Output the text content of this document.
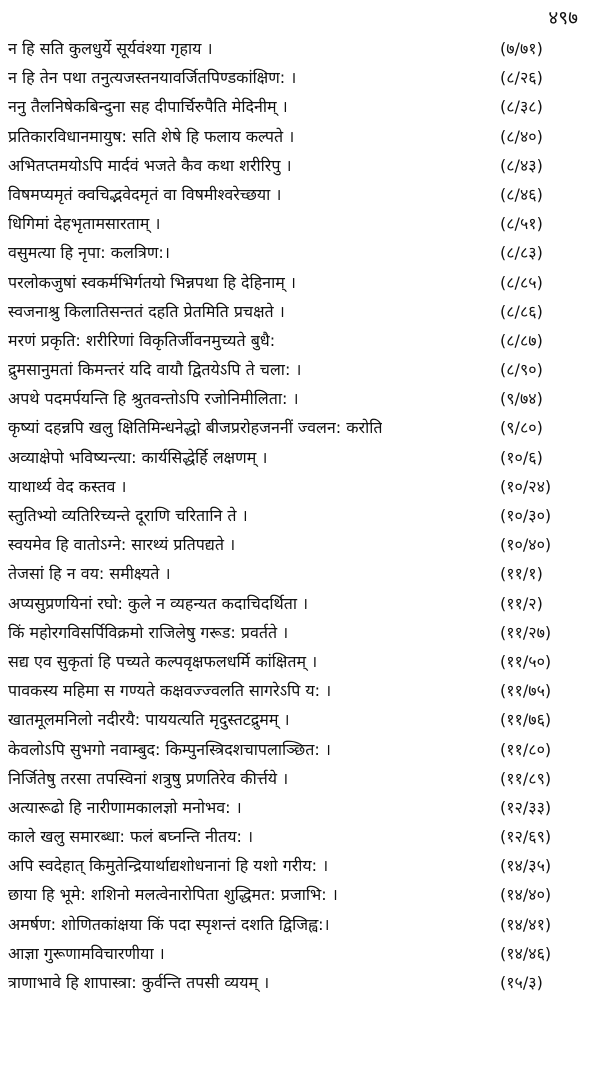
४९७
न हि सति कुलधुर्ये सूर्यवंश्या गृहाय ।	(७/७१)
न हि तेन पथा तनुत्यजस्तनयावर्जितपिण्डकांक्षिण: ।	(८/२६)
ननु तैलनिषेकबिन्दुना सह दीपार्चिरुपैति मेदिनीम् ।	(८/३८)
प्रतिकारविधानमायुष: सति शेषे हि फलाय कल्पते ।	(८/४०)
अभितप्तमयोऽपि मार्दवं भजते कैव कथा शरीरिपु ।	(८/४३)
विषमप्यमृतं क्वचिद्भवेदमृतं वा विषमीश्वरेच्छया ।	(८/४६)
धिगिमां देहभृतामसारताम् ।	(८/५१)
वसुमत्या हि नृपा: कलत्रिण:।	(८/८३)
परलोकजुषां स्वकर्मभिर्गतयो भिन्नपथा हि देहिनाम् ।	(८/८५)
स्वजनाश्रु किलातिसन्ततं दहति प्रेतमिति प्रचक्षते ।	(८/८६)
मरणं प्रकृति: शरीरिणां विकृतिर्जीवनमुच्यते बुधै:	(८/८७)
द्रुमसानुमतां किमन्तरं यदि वायौ द्वितयेऽपि ते चला: ।	(८/९०)
अपथे पदमर्पयन्ति हि श्रुतवन्तोऽपि रजोनिमीलिता: ।	(९/७४)
कृष्यां दहन्नपि खलु क्षितिमिन्धनेद्धो बीजप्ररोहजननीं ज्वलन: करोति	(९/८०)
अव्याक्षेपो भविष्यन्त्या: कार्यसिद्धेर्हि लक्षणम् ।	(१०/६)
याथार्थ्य वेद कस्तव ।	(१०/२४)
स्तुतिभ्यो व्यतिरिच्यन्ते दूराणि चरितानि ते ।	(१०/३०)
स्वयमेव हि वातोऽग्ने: सारथ्यं प्रतिपद्यते ।	(१०/४०)
तेजसां हि न वय: समीक्ष्यते ।	(११/१)
अप्यसुप्रणयिनां रघो: कुले न व्यहन्यत कदाचिदर्थिता ।	(११/२)
किं महोरगविसर्पिविक्रमो राजिलेषु गरूड: प्रवर्तते ।	(११/२७)
सद्य एव सुकृतां हि पच्यते कल्पवृक्षफलधर्मि कांक्षितम् ।	(११/५०)
पावकस्य महिमा स गण्यते कक्षवज्ज्वलति सागरेऽपि य: ।	(११/७५)
खातमूलमनिलो नदीरयै: पाययत्यति मृदुस्तटद्रुमम् ।	(११/७६)
केवलोऽपि सुभगो नवाम्बुद: किम्पुनस्त्रिदशचापलाञ्छित: ।	(११/८०)
निर्जितेषु तरसा तपस्विनां शत्रुषु प्रणतिरेव कीर्त्तये ।	(११/८९)
अत्यारूढो हि नारीणामकालज्ञो मनोभव: ।	(१२/३३)
काले खलु समारब्धा: फलं बघ्नन्ति नीतय: ।	(१२/६९)
अपि स्वदेहात् किमुतेन्द्रियार्थाद्यशोधनानां हि यशो गरीय: ।	(१४/३५)
छाया हि भूमे: शशिनो मलत्वेनारोपिता शुद्धिमत: प्रजाभि: ।	(१४/४०)
अमर्षण: शोणितकांक्षया किं पदा स्पृशन्तं दशति द्विजिह्व:।	(१४/४१)
आज्ञा गुरूणामविचारणीया ।	(१४/४६)
त्राणाभावे हि शापास्त्रा: कुर्वन्ति तपसी व्ययम् ।	(१५/३)
